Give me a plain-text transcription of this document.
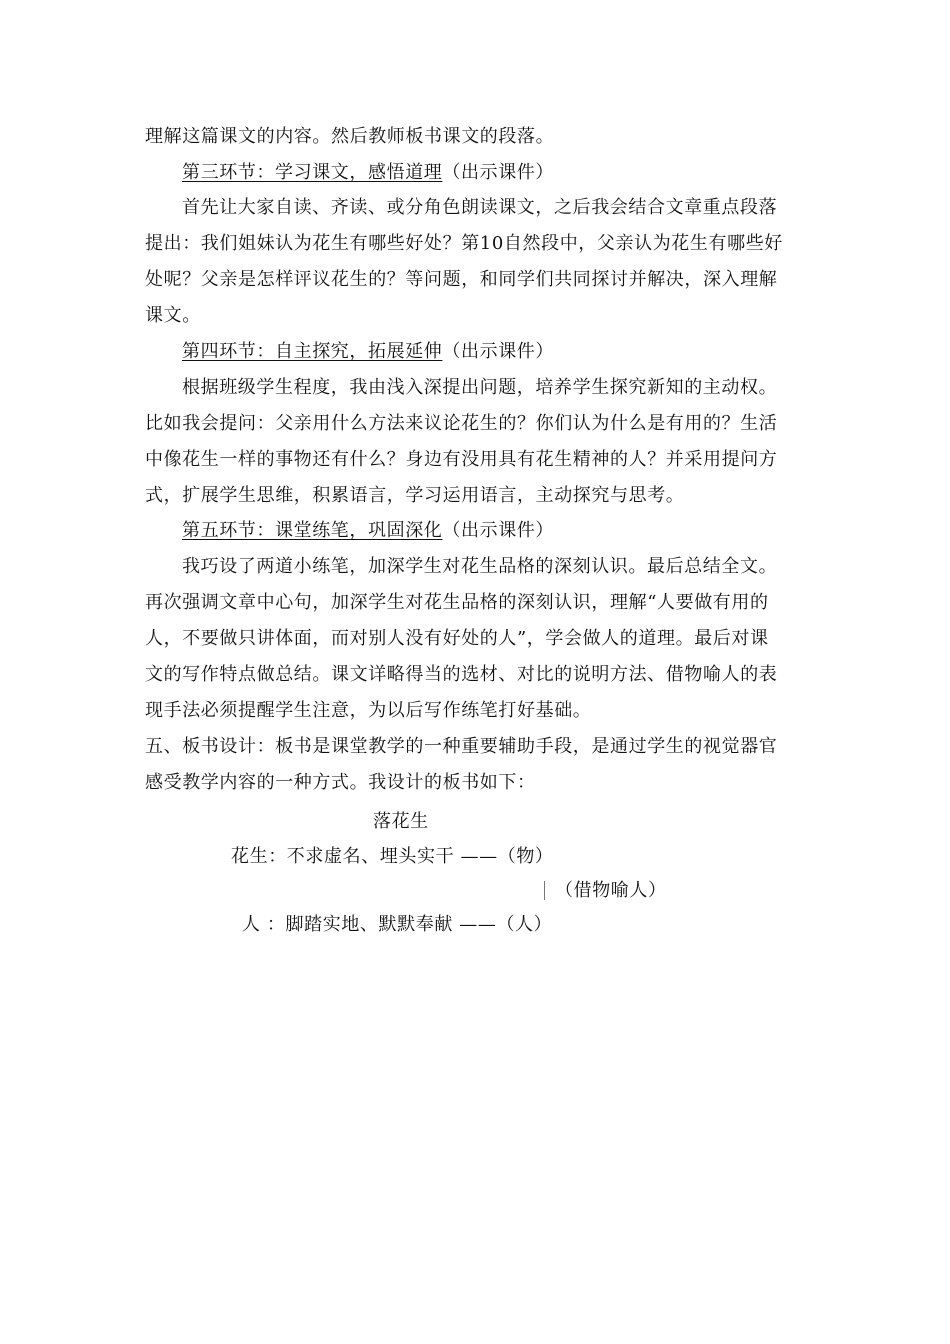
理解这篇课文的内容。然后教师板书课文的段落。
第三环节：学习课文，感悟道理（出示课件）
首先让大家自读、齐读、或分角色朗读课文，之后我会结合文章重点段落
提出：我们姐妹认为花生有哪些好处？第10自然段中，父亲认为花生有哪些好
处呢？父亲是怎样评议花生的？等问题，和同学们共同探讨并解决，深入理解
课文。
第四环节：自主探究，拓展延伸（出示课件）
根据班级学生程度，我由浅入深提出问题，培养学生探究新知的主动权。
比如我会提问：父亲用什么方法来议论花生的？你们认为什么是有用的？生活
中像花生一样的事物还有什么？身边有没用具有花生精神的人？并采用提问方
式，扩展学生思维，积累语言，学习运用语言，主动探究与思考。
第五环节：课堂练笔，巩固深化（出示课件）
我巧设了两道小练笔，加深学生对花生品格的深刻认识。最后总结全文。
再次强调文章中心句，加深学生对花生品格的深刻认识，理解“人要做有用的
人，不要做只讲体面，而对别人没有好处的人”，学会做人的道理。最后对课
文的写作特点做总结。课文详略得当的选材、对比的说明方法、借物喻人的表
现手法必须提醒学生注意，为以后写作练笔打好基础。
五、板书设计：板书是课堂教学的一种重要辅助手段，是通过学生的视觉器官
感受教学内容的一种方式。我设计的板书如下：
落花生
花生：不求虚名、埋头实干 ——（物）
（借物喻人）
人 ：脚踏实地、默默奉献 ——（人）
